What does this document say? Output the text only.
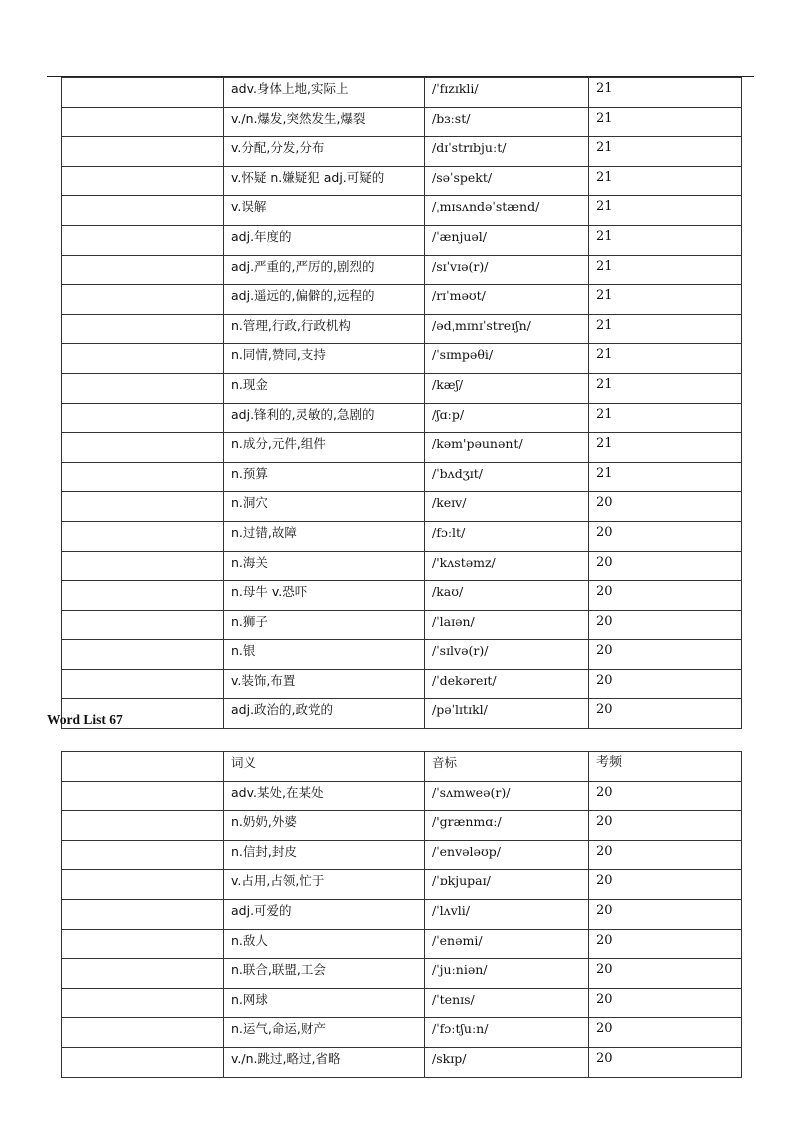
	adv.身体上地,实际上	/ˈfɪzɪkli/	21
	v./n.爆发,突然发生,爆裂	/bɜːst/	21
	v.分配,分发,分布	/dɪˈstrɪbjuːt/	21
	v.怀疑 n.嫌疑犯 adj.可疑的	/səˈspekt/	21
	v.误解	/ˌmɪsʌndəˈstænd/	21
	adj.年度的	/ˈænjuəl/	21
	adj.严重的,严厉的,剧烈的	/sɪˈvɪə(r)/	21
	adj.遥远的,偏僻的,远程的	/rɪˈməʊt/	21
	n.管理,行政,行政机构	/ədˌmɪnɪˈstreɪʃn/	21
	n.同情,赞同,支持	/ˈsɪmpəθi/	21
	n.现金	/kæʃ/	21
	adj.锋利的,灵敏的,急剧的	/ʃɑːp/	21
	n.成分,元件,组件	/kəm'pəunənt/	21
	n.预算	/ˈbʌdʒɪt/	21
	n.洞穴	/keɪv/	20
	n.过错,故障	/fɔːlt/	20
	n.海关	/'kʌstəmz/	20
	n.母牛 v.恐吓	/kaʊ/	20
	n.狮子	/ˈlaɪən/	20
	n.银	/ˈsɪlvə(r)/	20
	v.装饰,布置	/ˈdekəreɪt/	20
	adj.政治的,政党的	/pəˈlɪtɪkl/	20
Word List 67
	词义	音标	考频
	adv.某处,在某处	/ˈsʌmweə(r)/	20
	n.奶奶,外婆	/'grænmɑː/	20
	n.信封,封皮	/ˈenvələʊp/	20
	v.占用,占领,忙于	/ˈɒkjupaɪ/	20
	adj.可爱的	/ˈlʌvli/	20
	n.敌人	/ˈenəmi/	20
	n.联合,联盟,工会	/ˈjuːniən/	20
	n.网球	/ˈtenɪs/	20
	n.运气,命运,财产	/ˈfɔːtʃuːn/	20
	v./n.跳过,略过,省略	/skɪp/	20
